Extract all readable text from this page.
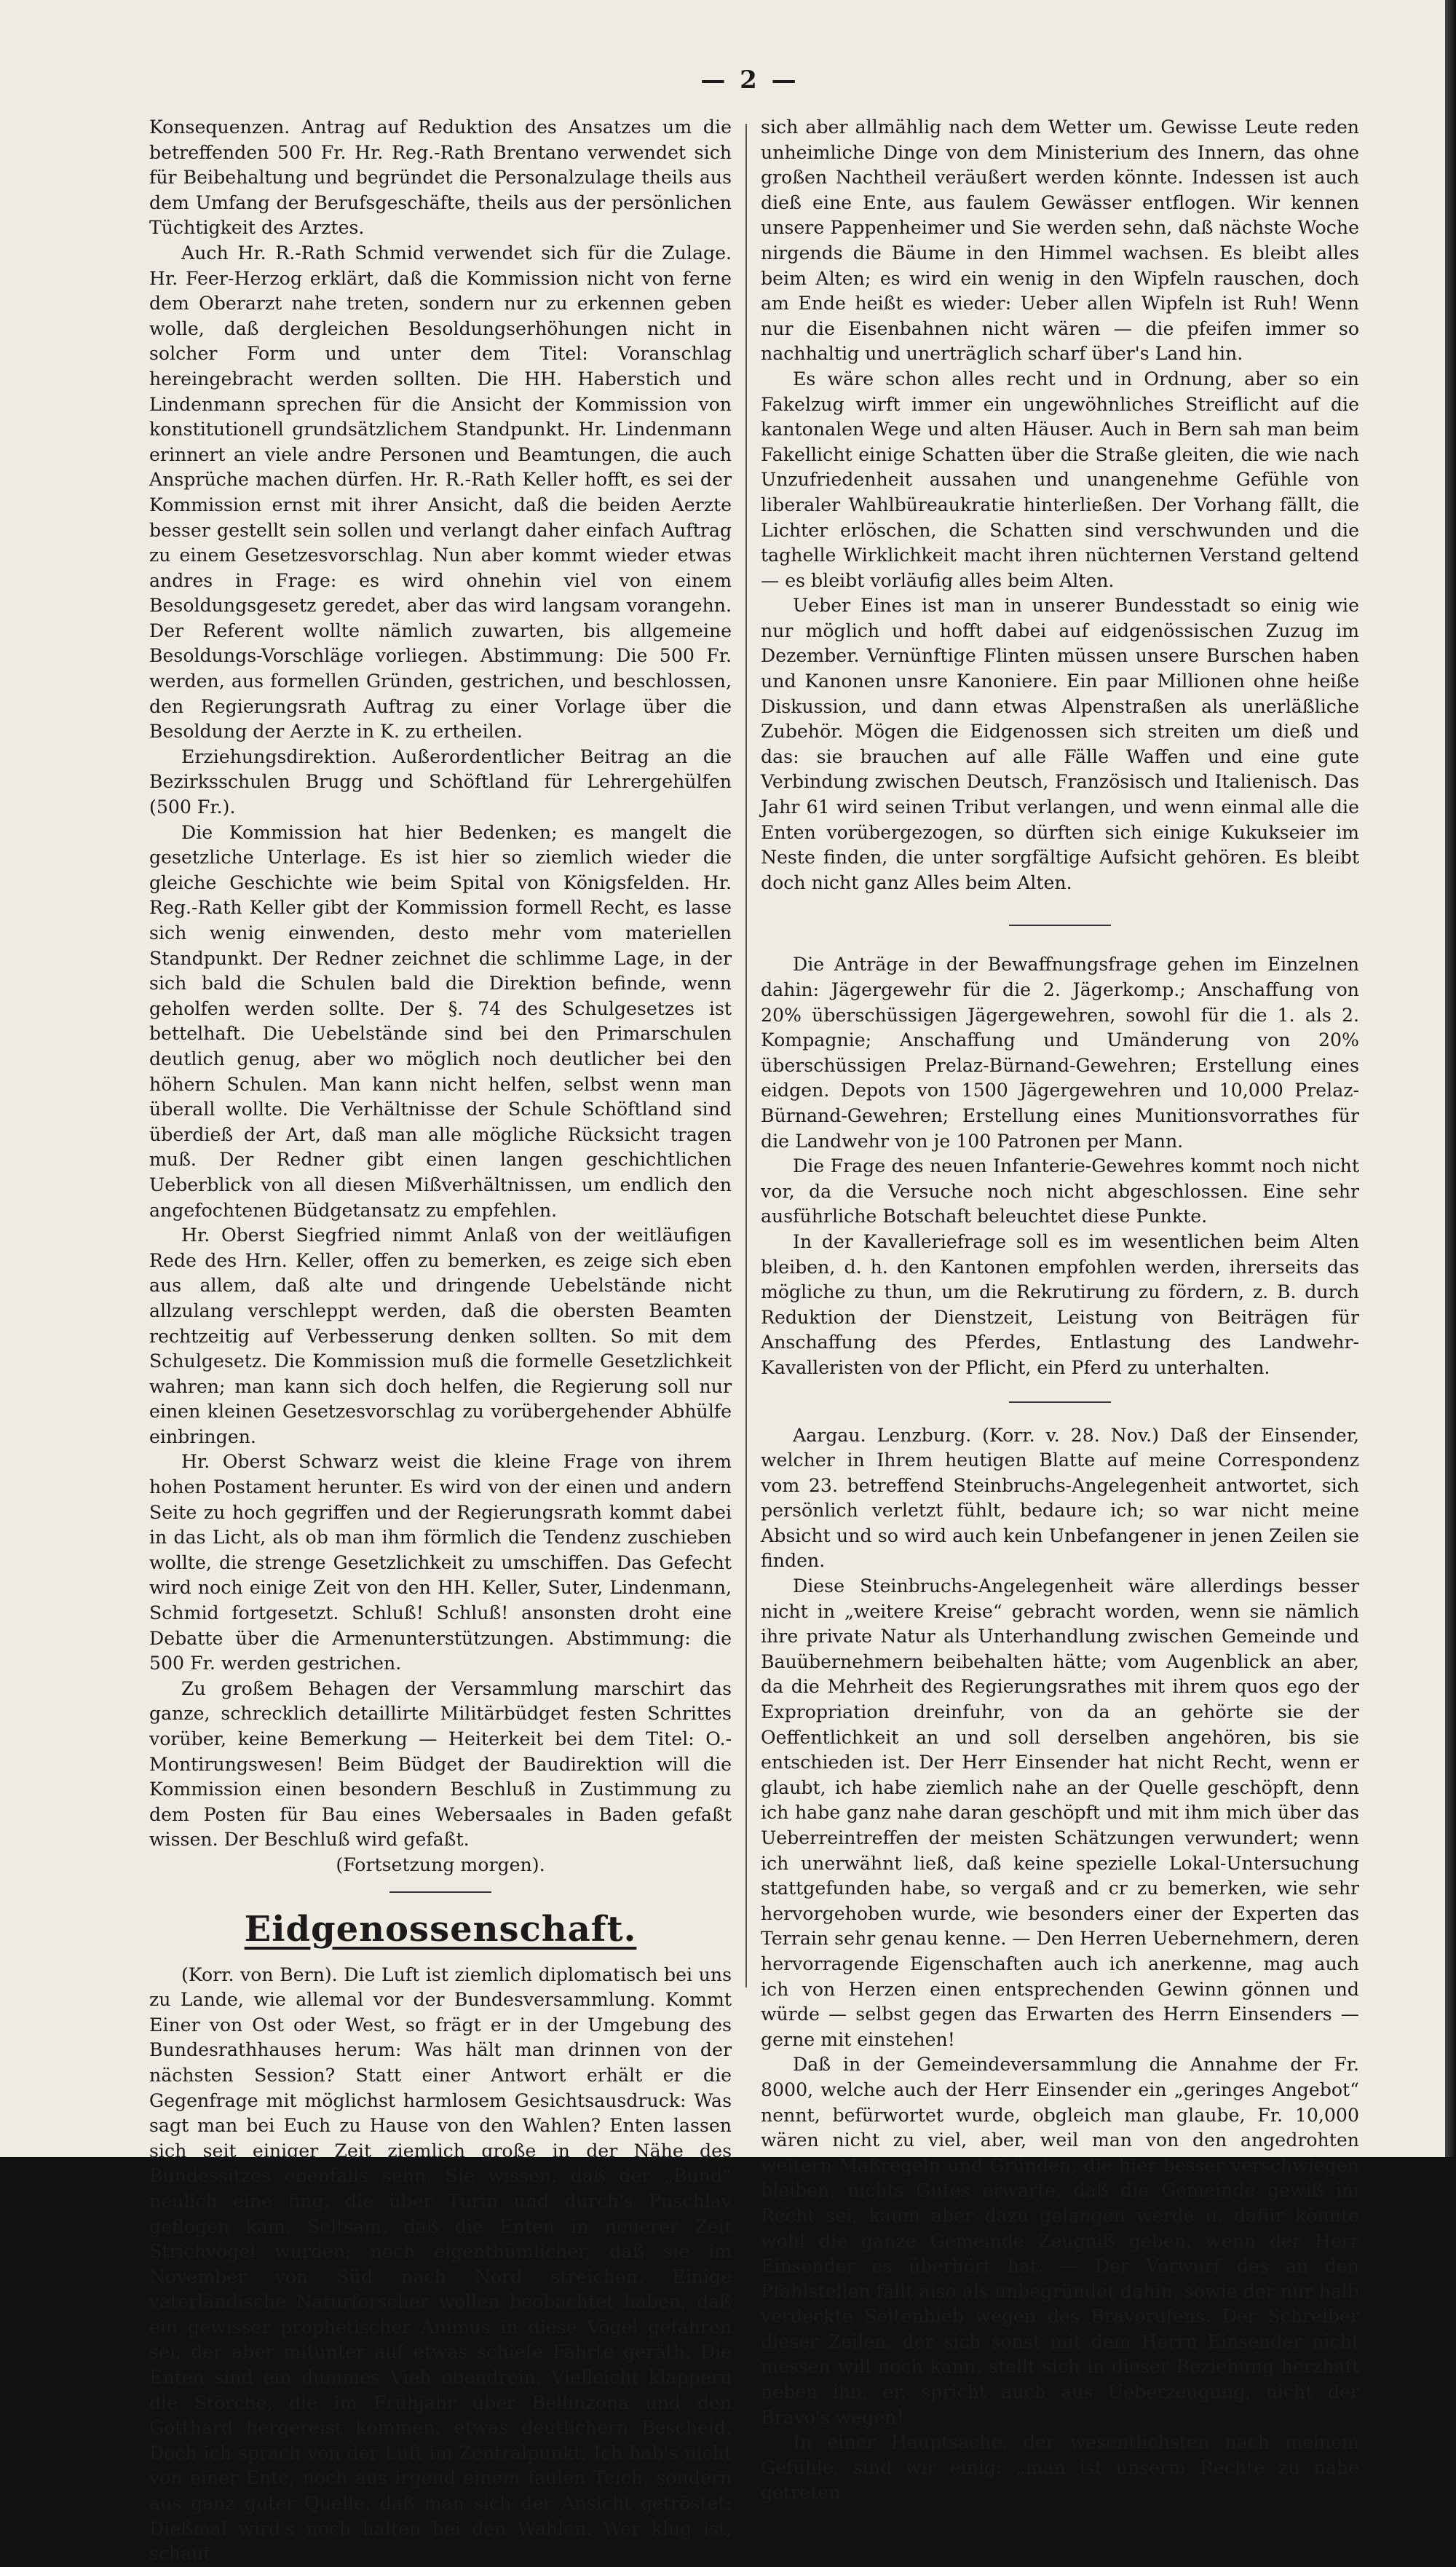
— 2 —

Konsequenzen. Antrag auf Reduktion des Ansatzes um die betreffenden 500 Fr. Hr. Reg.-Rath Brentano verwendet sich für Beibehaltung und begründet die Personalzulage theils aus dem Umfang der Berufsgeschäfte, theils aus der persönlichen Tüchtigkeit des Arztes.

Auch Hr. R.-Rath Schmid verwendet sich für die Zulage. Hr. Feer-Herzog erklärt, daß die Kommission nicht von ferne dem Oberarzt nahe treten, sondern nur zu erkennen geben wolle, daß dergleichen Besoldungserhöhungen nicht in solcher Form und unter dem Titel: Voranschlag hereingebracht werden sollten. Die HH. Haberstich und Lindenmann sprechen für die Ansicht der Kommission von konstitutionell grundsätzlichem Standpunkt. Hr. Lindenmann erinnert an viele andre Personen und Beamtungen, die auch Ansprüche machen dürfen. Hr. R.-Rath Keller hofft, es sei der Kommission ernst mit ihrer Ansicht, daß die beiden Aerzte besser gestellt sein sollen und verlangt daher einfach Auftrag zu einem Gesetzesvorschlag. Nun aber kommt wieder etwas andres in Frage: es wird ohnehin viel von einem Besoldungsgesetz geredet, aber das wird langsam vorangehn. Der Referent wollte nämlich zuwarten, bis allgemeine Besoldungs-Vorschläge vorliegen. Abstimmung: Die 500 Fr. werden, aus formellen Gründen, gestrichen, und beschlossen, den Regierungsrath Auftrag zu einer Vorlage über die Besoldung der Aerzte in K. zu ertheilen.

Erziehungsdirektion. Außerordentlicher Beitrag an die Bezirksschulen Brugg und Schöftland für Lehrergehülfen (500 Fr.).

Die Kommission hat hier Bedenken; es mangelt die gesetzliche Unterlage. Es ist hier so ziemlich wieder die gleiche Geschichte wie beim Spital von Königsfelden. Hr. Reg.-Rath Keller gibt der Kommission formell Recht, es lasse sich wenig einwenden, desto mehr vom materiellen Standpunkt. Der Redner zeichnet die schlimme Lage, in der sich bald die Schulen bald die Direktion befinde, wenn geholfen werden sollte. Der §. 74 des Schulgesetzes ist bettelhaft. Die Uebelstände sind bei den Primarschulen deutlich genug, aber wo möglich noch deutlicher bei den höhern Schulen. Man kann nicht helfen, selbst wenn man überall wollte. Die Verhältnisse der Schule Schöftland sind überdieß der Art, daß man alle mögliche Rücksicht tragen muß. Der Redner gibt einen langen geschichtlichen Ueberblick von all diesen Mißverhältnissen, um endlich den angefochtenen Büdgetansatz zu empfehlen.

Hr. Oberst Siegfried nimmt Anlaß von der weitläufigen Rede des Hrn. Keller, offen zu bemerken, es zeige sich eben aus allem, daß alte und dringende Uebelstände nicht allzulang verschleppt werden, daß die obersten Beamten rechtzeitig auf Verbesserung denken sollten. So mit dem Schulgesetz. Die Kommission muß die formelle Gesetzlichkeit wahren; man kann sich doch helfen, die Regierung soll nur einen kleinen Gesetzesvorschlag zu vorübergehender Abhülfe einbringen.

Hr. Oberst Schwarz weist die kleine Frage von ihrem hohen Postament herunter. Es wird von der einen und andern Seite zu hoch gegriffen und der Regierungsrath kommt dabei in das Licht, als ob man ihm förmlich die Tendenz zuschieben wollte, die strenge Gesetzlichkeit zu umschiffen. Das Gefecht wird noch einige Zeit von den HH. Keller, Suter, Lindenmann, Schmid fortgesetzt. Schluß! Schluß! ansonsten droht eine Debatte über die Armenunterstützungen. Abstimmung: die 500 Fr. werden gestrichen.

Zu großem Behagen der Versammlung marschirt das ganze, schrecklich detaillirte Militärbüdget festen Schrittes vorüber, keine Bemerkung — Heiterkeit bei dem Titel: O.-Montirungswesen! Beim Büdget der Baudirektion will die Kommission einen besondern Beschluß in Zustimmung zu dem Posten für Bau eines Webersaales in Baden gefaßt wissen. Der Beschluß wird gefaßt.

(Fortsetzung morgen).

Eidgenossenschaft.

(Korr. von Bern). Die Luft ist ziemlich diplomatisch bei uns zu Lande, wie allemal vor der Bundesversammlung. Kommt Einer von Ost oder West, so frägt er in der Umgebung des Bundesrathhauses herum: Was hält man drinnen von der nächsten Session? Statt einer Antwort erhält er die Gegenfrage mit möglichst harmlosem Gesichtsausdruck: Was sagt man bei Euch zu Hause von den Wahlen? Enten lassen sich seit einiger Zeit ziemlich große in der Nähe des Bundessitzes ebenfalls sehn. Sie wissen, daß der „Bund“ neulich eine fing, die über Turin und durch's Puschlav geflogen kam. Seltsam, daß die Enten in neuerer Zeit Strichvögel wurden; noch eigenthümlicher, daß sie im November von Süd nach Nord streichen. Einige vaterländische Naturforscher wollen beobachtet haben, daß ein gewisser prophetischer Animus in diese Vögel gefahren sei, der aber mitunter auf etwas schiefe Fährte geräth. Die Enten sind ein dummes Vieh obendrein. Vielleicht klappern die Störche, die im Frühjahr über Bellinzona und den Gotthard hergereist kommen, etwas deutlichern Bescheid. Doch ich sprach von der Luft im Zentralpunkt. Ich hab's nicht von einer Ente, noch aus irgend einem faulen Teich, sondern aus ganz guter Quelle, daß man sich der Ansicht getröstet: Dießmal wird's noch halten bei den Wahlen. Wer klug ist, schaut

sich aber allmählig nach dem Wetter um. Gewisse Leute reden unheimliche Dinge von dem Ministerium des Innern, das ohne großen Nachtheil veräußert werden könnte. Indessen ist auch dieß eine Ente, aus faulem Gewässer entflogen. Wir kennen unsere Pappenheimer und Sie werden sehn, daß nächste Woche nirgends die Bäume in den Himmel wachsen. Es bleibt alles beim Alten; es wird ein wenig in den Wipfeln rauschen, doch am Ende heißt es wieder: Ueber allen Wipfeln ist Ruh! Wenn nur die Eisenbahnen nicht wären — die pfeifen immer so nachhaltig und unerträglich scharf über's Land hin.

Es wäre schon alles recht und in Ordnung, aber so ein Fakelzug wirft immer ein ungewöhnliches Streiflicht auf die kantonalen Wege und alten Häuser. Auch in Bern sah man beim Fakellicht einige Schatten über die Straße gleiten, die wie nach Unzufriedenheit aussahen und unangenehme Gefühle von liberaler Wahlbüreaukratie hinterließen. Der Vorhang fällt, die Lichter erlöschen, die Schatten sind verschwunden und die taghelle Wirklichkeit macht ihren nüchternen Verstand geltend — es bleibt vorläufig alles beim Alten.

Ueber Eines ist man in unserer Bundesstadt so einig wie nur möglich und hofft dabei auf eidgenössischen Zuzug im Dezember. Vernünftige Flinten müssen unsere Burschen haben und Kanonen unsre Kanoniere. Ein paar Millionen ohne heiße Diskussion, und dann etwas Alpenstraßen als unerläßliche Zubehör. Mögen die Eidgenossen sich streiten um dieß und das: sie brauchen auf alle Fälle Waffen und eine gute Verbindung zwischen Deutsch, Französisch und Italienisch. Das Jahr 61 wird seinen Tribut verlangen, und wenn einmal alle die Enten vorübergezogen, so dürften sich einige Kukukseier im Neste finden, die unter sorgfältige Aufsicht gehören. Es bleibt doch nicht ganz Alles beim Alten.

Die Anträge in der Bewaffnungsfrage gehen im Einzelnen dahin: Jägergewehr für die 2. Jägerkomp.; Anschaffung von 20% überschüssigen Jägergewehren, sowohl für die 1. als 2. Kompagnie; Anschaffung und Umänderung von 20% überschüssigen Prelaz-Bürnand-Gewehren; Erstellung eines eidgen. Depots von 1500 Jägergewehren und 10,000 Prelaz-Bürnand-Gewehren; Erstellung eines Munitionsvorrathes für die Landwehr von je 100 Patronen per Mann.

Die Frage des neuen Infanterie-Gewehres kommt noch nicht vor, da die Versuche noch nicht abgeschlossen. Eine sehr ausführliche Botschaft beleuchtet diese Punkte.

In der Kavalleriefrage soll es im wesentlichen beim Alten bleiben, d. h. den Kantonen empfohlen werden, ihrerseits das mögliche zu thun, um die Rekrutirung zu fördern, z. B. durch Reduktion der Dienstzeit, Leistung von Beiträgen für Anschaffung des Pferdes, Entlastung des Landwehr-Kavalleristen von der Pflicht, ein Pferd zu unterhalten.

Aargau. Lenzburg. (Korr. v. 28. Nov.) Daß der Einsender, welcher in Ihrem heutigen Blatte auf meine Correspondenz vom 23. betreffend Steinbruchs-Angelegenheit antwortet, sich persönlich verletzt fühlt, bedaure ich; so war nicht meine Absicht und so wird auch kein Unbefangener in jenen Zeilen sie finden.

Diese Steinbruchs-Angelegenheit wäre allerdings besser nicht in „weitere Kreise“ gebracht worden, wenn sie nämlich ihre private Natur als Unterhandlung zwischen Gemeinde und Bauübernehmern beibehalten hätte; vom Augenblick an aber, da die Mehrheit des Regierungsrathes mit ihrem quos ego der Expropriation dreinfuhr, von da an gehörte sie der Oeffentlichkeit an und soll derselben angehören, bis sie entschieden ist. Der Herr Einsender hat nicht Recht, wenn er glaubt, ich habe ziemlich nahe an der Quelle geschöpft, denn ich habe ganz nahe daran geschöpft und mit ihm mich über das Ueberreintreffen der meisten Schätzungen verwundert; wenn ich unerwähnt ließ, daß keine spezielle Lokal-Untersuchung stattgefunden habe, so vergaß and cr zu bemerken, wie sehr hervorgehoben wurde, wie besonders einer der Experten das Terrain sehr genau kenne. — Den Herren Uebernehmern, deren hervorragende Eigenschaften auch ich anerkenne, mag auch ich von Herzen einen entsprechenden Gewinn gönnen und würde — selbst gegen das Erwarten des Herrn Einsenders — gerne mit einstehen!

Daß in der Gemeindeversammlung die Annahme der Fr. 8000, welche auch der Herr Einsender ein „geringes Angebot“ nennt, befürwortet wurde, obgleich man glaube, Fr. 10,000 wären nicht zu viel, aber, weil man von den angedrohten weitern Maßregeln und Gründen, die hier besser verschwiegen bleiben, nichts Gutes erwarte, daß die Gemeinde gewiß im Recht sei, kaum aber dazu gelangen werde u. dafür könnte wohl die ganze Gemeinde Zeugniß geben, wenn der Herr Einsender es überhört hat. — Der Vorwurf des an den Pfahlstellen fällt also als unbegründet dahin, sowie der nur halb verdeckte Seitenhieb wegen des Bravorufens. Der Schreiber dieser Zeilen, der sich sonst mit dem Herrn Einsender nicht messen will noch kann, stellt sich in dieser Beziehung herzhaft neben ihn, er, spricht auch aus Ueberzeugung, nicht der Bravo's wegen!

In einer Hauptsache, der wesentlichsten nach meinem Gefühle, sind wir einig: „man ist unserm Rechte zu nahe getreten
